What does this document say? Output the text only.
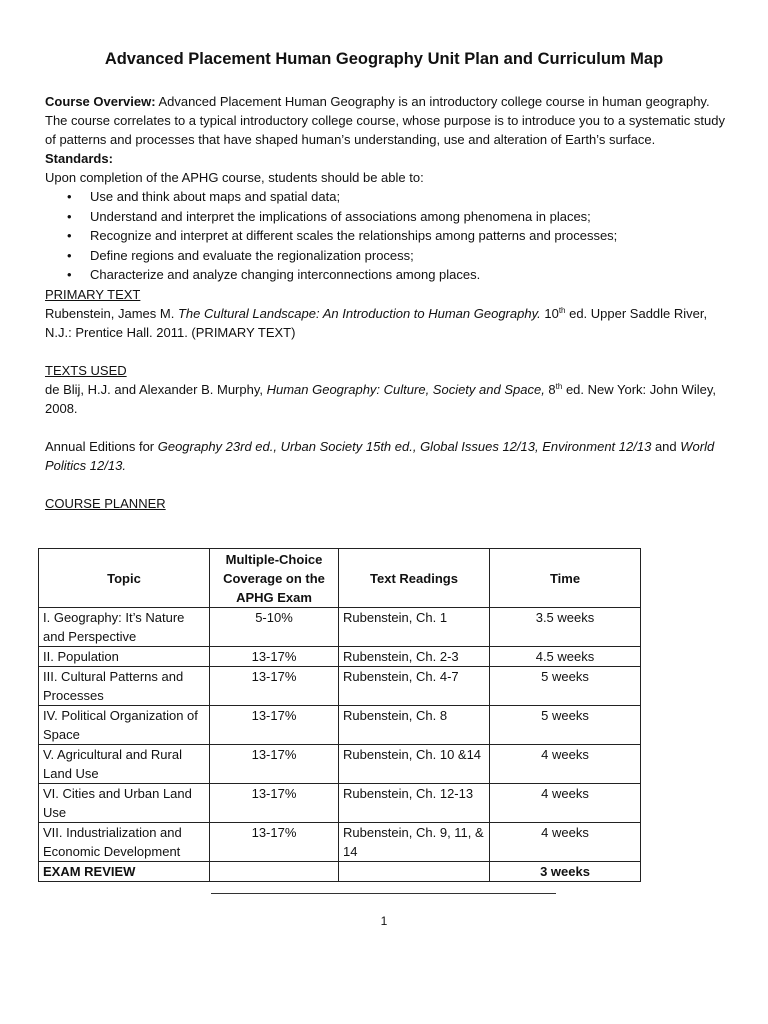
Advanced Placement Human Geography Unit Plan and Curriculum Map

Course Overview: Advanced Placement Human Geography is an introductory college course in human geography. The course correlates to a typical introductory college course, whose purpose is to introduce you to a systematic study of patterns and processes that have shaped human’s understanding, use and alteration of Earth’s surface.

Standards:

Upon completion of the APHG course, students should be able to:

• Use and think about maps and spatial data;
• Understand and interpret the implications of associations among phenomena in places;
• Recognize and interpret at different scales the relationships among patterns and processes;
• Define regions and evaluate the regionalization process;
• Characterize and analyze changing interconnections among places.

PRIMARY TEXT

Rubenstein, James M. The Cultural Landscape: An Introduction to Human Geography. 10th ed. Upper Saddle River, N.J.: Prentice Hall. 2011. (PRIMARY TEXT)

TEXTS USED

de Blij, H.J. and Alexander B. Murphy, Human Geography: Culture, Society and Space, 8th ed. New York: John Wiley, 2008.

Annual Editions for Geography 23rd ed., Urban Society 15th ed., Global Issues 12/13, Environment 12/13 and World Politics 12/13.

COURSE PLANNER

Topic	Multiple-Choice Coverage on the APHG Exam	Text Readings	Time
I. Geography: It’s Nature and Perspective	5-10%	Rubenstein, Ch. 1	3.5 weeks
II. Population	13-17%	Rubenstein, Ch. 2-3	4.5 weeks
III. Cultural Patterns and Processes	13-17%	Rubenstein, Ch. 4-7	5 weeks
IV. Political Organization of Space	13-17%	Rubenstein, Ch. 8	5 weeks
V. Agricultural and Rural Land Use	13-17%	Rubenstein, Ch. 10 &14	4 weeks
VI. Cities and Urban Land Use	13-17%	Rubenstein, Ch. 12-13	4 weeks
VII. Industrialization and Economic Development	13-17%	Rubenstein, Ch. 9, 11, & 14	4 weeks
EXAM REVIEW			3 weeks
1
